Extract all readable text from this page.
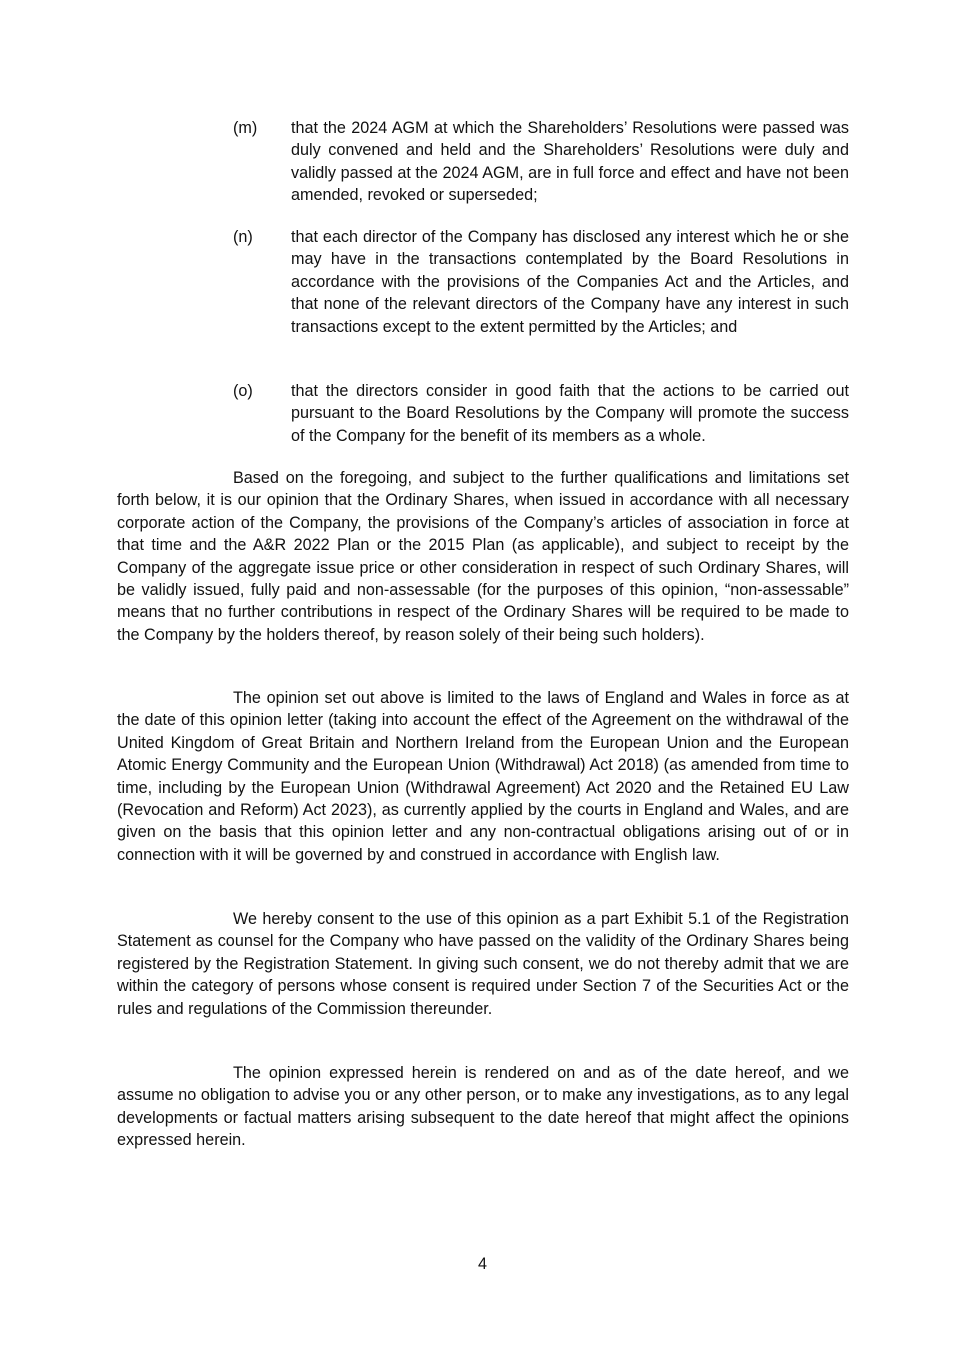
(m)	that the 2024 AGM at which the Shareholders’ Resolutions were passed was duly convened and held and the Shareholders’ Resolutions were duly and validly passed at the 2024 AGM, are in full force and effect and have not been amended, revoked or superseded;
(n)	that each director of the Company has disclosed any interest which he or she may have in the transactions contemplated by the Board Resolutions in accordance with the provisions of the Companies Act and the Articles, and that none of the relevant directors of the Company have any interest in such transactions except to the extent permitted by the Articles; and
(o)	that the directors consider in good faith that the actions to be carried out pursuant to the Board Resolutions by the Company will promote the success of the Company for the benefit of its members as a whole.

Based on the foregoing, and subject to the further qualifications and limitations set forth below, it is our opinion that the Ordinary Shares, when issued in accordance with all necessary corporate action of the Company, the provisions of the Company’s articles of association in force at that time and the A&R 2022 Plan or the 2015 Plan (as applicable), and subject to receipt by the Company of the aggregate issue price or other consideration in respect of such Ordinary Shares, will be validly issued, fully paid and non-assessable (for the purposes of this opinion, “non-assessable” means that no further contributions in respect of the Ordinary Shares will be required to be made to the Company by the holders thereof, by reason solely of their being such holders).

The opinion set out above is limited to the laws of England and Wales in force as at the date of this opinion letter (taking into account the effect of the Agreement on the withdrawal of the United Kingdom of Great Britain and Northern Ireland from the European Union and the European Atomic Energy Community and the European Union (Withdrawal) Act 2018) (as amended from time to time, including by the European Union (Withdrawal Agreement) Act 2020 and the Retained EU Law (Revocation and Reform) Act 2023), as currently applied by the courts in England and Wales, and are given on the basis that this opinion letter and any non-contractual obligations arising out of or in connection with it will be governed by and construed in accordance with English law.

We hereby consent to the use of this opinion as a part Exhibit 5.1 of the Registration Statement as counsel for the Company who have passed on the validity of the Ordinary Shares being registered by the Registration Statement. In giving such consent, we do not thereby admit that we are within the category of persons whose consent is required under Section 7 of the Securities Act or the rules and regulations of the Commission thereunder.

The opinion expressed herein is rendered on and as of the date hereof, and we assume no obligation to advise you or any other person, or to make any investigations, as to any legal developments or factual matters arising subsequent to the date hereof that might affect the opinions expressed herein.

4
